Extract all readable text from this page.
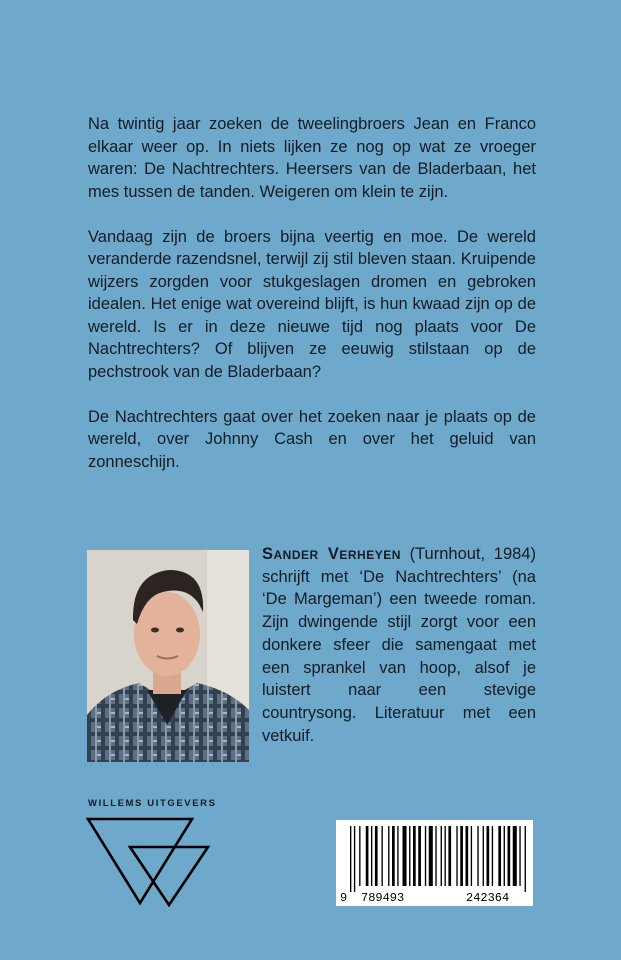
Na twintig jaar zoeken de tweelingbroers Jean en Franco elkaar weer op. In niets lijken ze nog op wat ze vroeger waren: De Nachtrechters. Heersers van de Bladerbaan, het mes tussen de tanden. Weigeren om klein te zijn.

Vandaag zijn de broers bijna veertig en moe. De wereld veranderde razendsnel, terwijl zij stil bleven staan. Kruipende wijzers zorgden voor stukgeslagen dromen en gebroken idealen. Het enige wat overeind blijft, is hun kwaad zijn op de wereld. Is er in deze nieuwe tijd nog plaats voor De Nachtrechters? Of blijven ze eeuwig stilstaan op de pechstrook van de Bladerbaan?

De Nachtrechters gaat over het zoeken naar je plaats op de wereld, over Johnny Cash en over het geluid van zonneschijn.

Sander Verheyen (Turnhout, 1984) schrijft met ‘De Nachtrechters’ (na ‘De Margeman’) een tweede roman. Zijn dwingende stijl zorgt voor een donkere sfeer die samengaat met een sprankel van hoop, alsof je luistert naar een stevige countrysong. Literatuur met een vetkuif.
WILLEMS UITGEVERS
9 789493	242364
